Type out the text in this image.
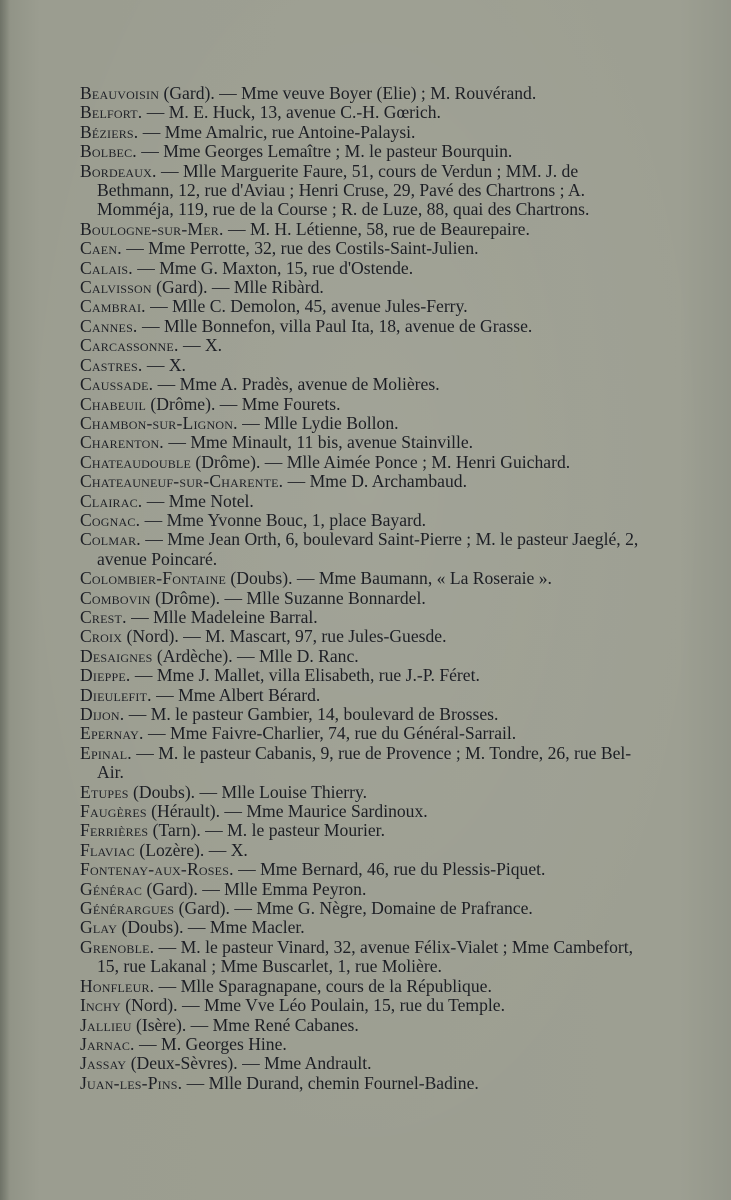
Beauvoisin (Gard). — Mme veuve Boyer (Elie) ; M. Rouvérand.

Belfort. — M. E. Huck, 13, avenue C.-H. Gœrich.

Béziers. — Mme Amalric, rue Antoine-Palaysi.

Bolbec. — Mme Georges Lemaître ; M. le pasteur Bourquin.

Bordeaux. — Mlle Marguerite Faure, 51, cours de Verdun ; MM. J. de Bethmann, 12, rue d'Aviau ; Henri Cruse, 29, Pavé des Chartrons ; A. Momméja, 119, rue de la Course ; R. de Luze, 88, quai des Chartrons.

Boulogne-sur-Mer. — M. H. Létienne, 58, rue de Beaurepaire.

Caen. — Mme Perrotte, 32, rue des Costils-Saint-Julien.

Calais. — Mme G. Maxton, 15, rue d'Ostende.

Calvisson (Gard). — Mlle Ribàrd.

Cambrai. — Mlle C. Demolon, 45, avenue Jules-Ferry.

Cannes. — Mlle Bonnefon, villa Paul Ita, 18, avenue de Grasse.

Carcassonne. — X.

Castres. — X.

Caussade. — Mme A. Pradès, avenue de Molières.

Chabeuil (Drôme). — Mme Fourets.

Chambon-sur-Lignon. — Mlle Lydie Bollon.

Charenton. — Mme Minault, 11 bis, avenue Stainville.

Chateaudouble (Drôme). — Mlle Aimée Ponce ; M. Henri Guichard.

Chateauneuf-sur-Charente. — Mme D. Archambaud.

Clairac. — Mme Notel.

Cognac. — Mme Yvonne Bouc, 1, place Bayard.

Colmar. — Mme Jean Orth, 6, boulevard Saint-Pierre ; M. le pasteur Jaeglé, 2, avenue Poincaré.

Colombier-Fontaine (Doubs). — Mme Baumann, « La Roseraie ».

Combovin (Drôme). — Mlle Suzanne Bonnardel.

Crest. — Mlle Madeleine Barral.

Croix (Nord). — M. Mascart, 97, rue Jules-Guesde.

Desaignes (Ardèche). — Mlle D. Ranc.

Dieppe. — Mme J. Mallet, villa Elisabeth, rue J.-P. Féret.

Dieulefit. — Mme Albert Bérard.

Dijon. — M. le pasteur Gambier, 14, boulevard de Brosses.

Epernay. — Mme Faivre-Charlier, 74, rue du Général-Sarrail.

Epinal. — M. le pasteur Cabanis, 9, rue de Provence ; M. Tondre, 26, rue Bel-Air.

Etupes (Doubs). — Mlle Louise Thierry.

Faugères (Hérault). — Mme Maurice Sardinoux.

Ferrières (Tarn). — M. le pasteur Mourier.

Flaviac (Lozère). — X.

Fontenay-aux-Roses. — Mme Bernard, 46, rue du Plessis-Piquet.

Générac (Gard). — Mlle Emma Peyron.

Générargues (Gard). — Mme G. Nègre, Domaine de Prafrance.

Glay (Doubs). — Mme Macler.

Grenoble. — M. le pasteur Vinard, 32, avenue Félix-Vialet ; Mme Cambefort, 15, rue Lakanal ; Mme Buscarlet, 1, rue Molière.

Honfleur. — Mlle Sparagnapane, cours de la République.

Inchy (Nord). — Mme Vve Léo Poulain, 15, rue du Temple.

Jallieu (Isère). — Mme René Cabanes.

Jarnac. — M. Georges Hine.

Jassay (Deux-Sèvres). — Mme Andrault.

Juan-les-Pins. — Mlle Durand, chemin Fournel-Badine.
